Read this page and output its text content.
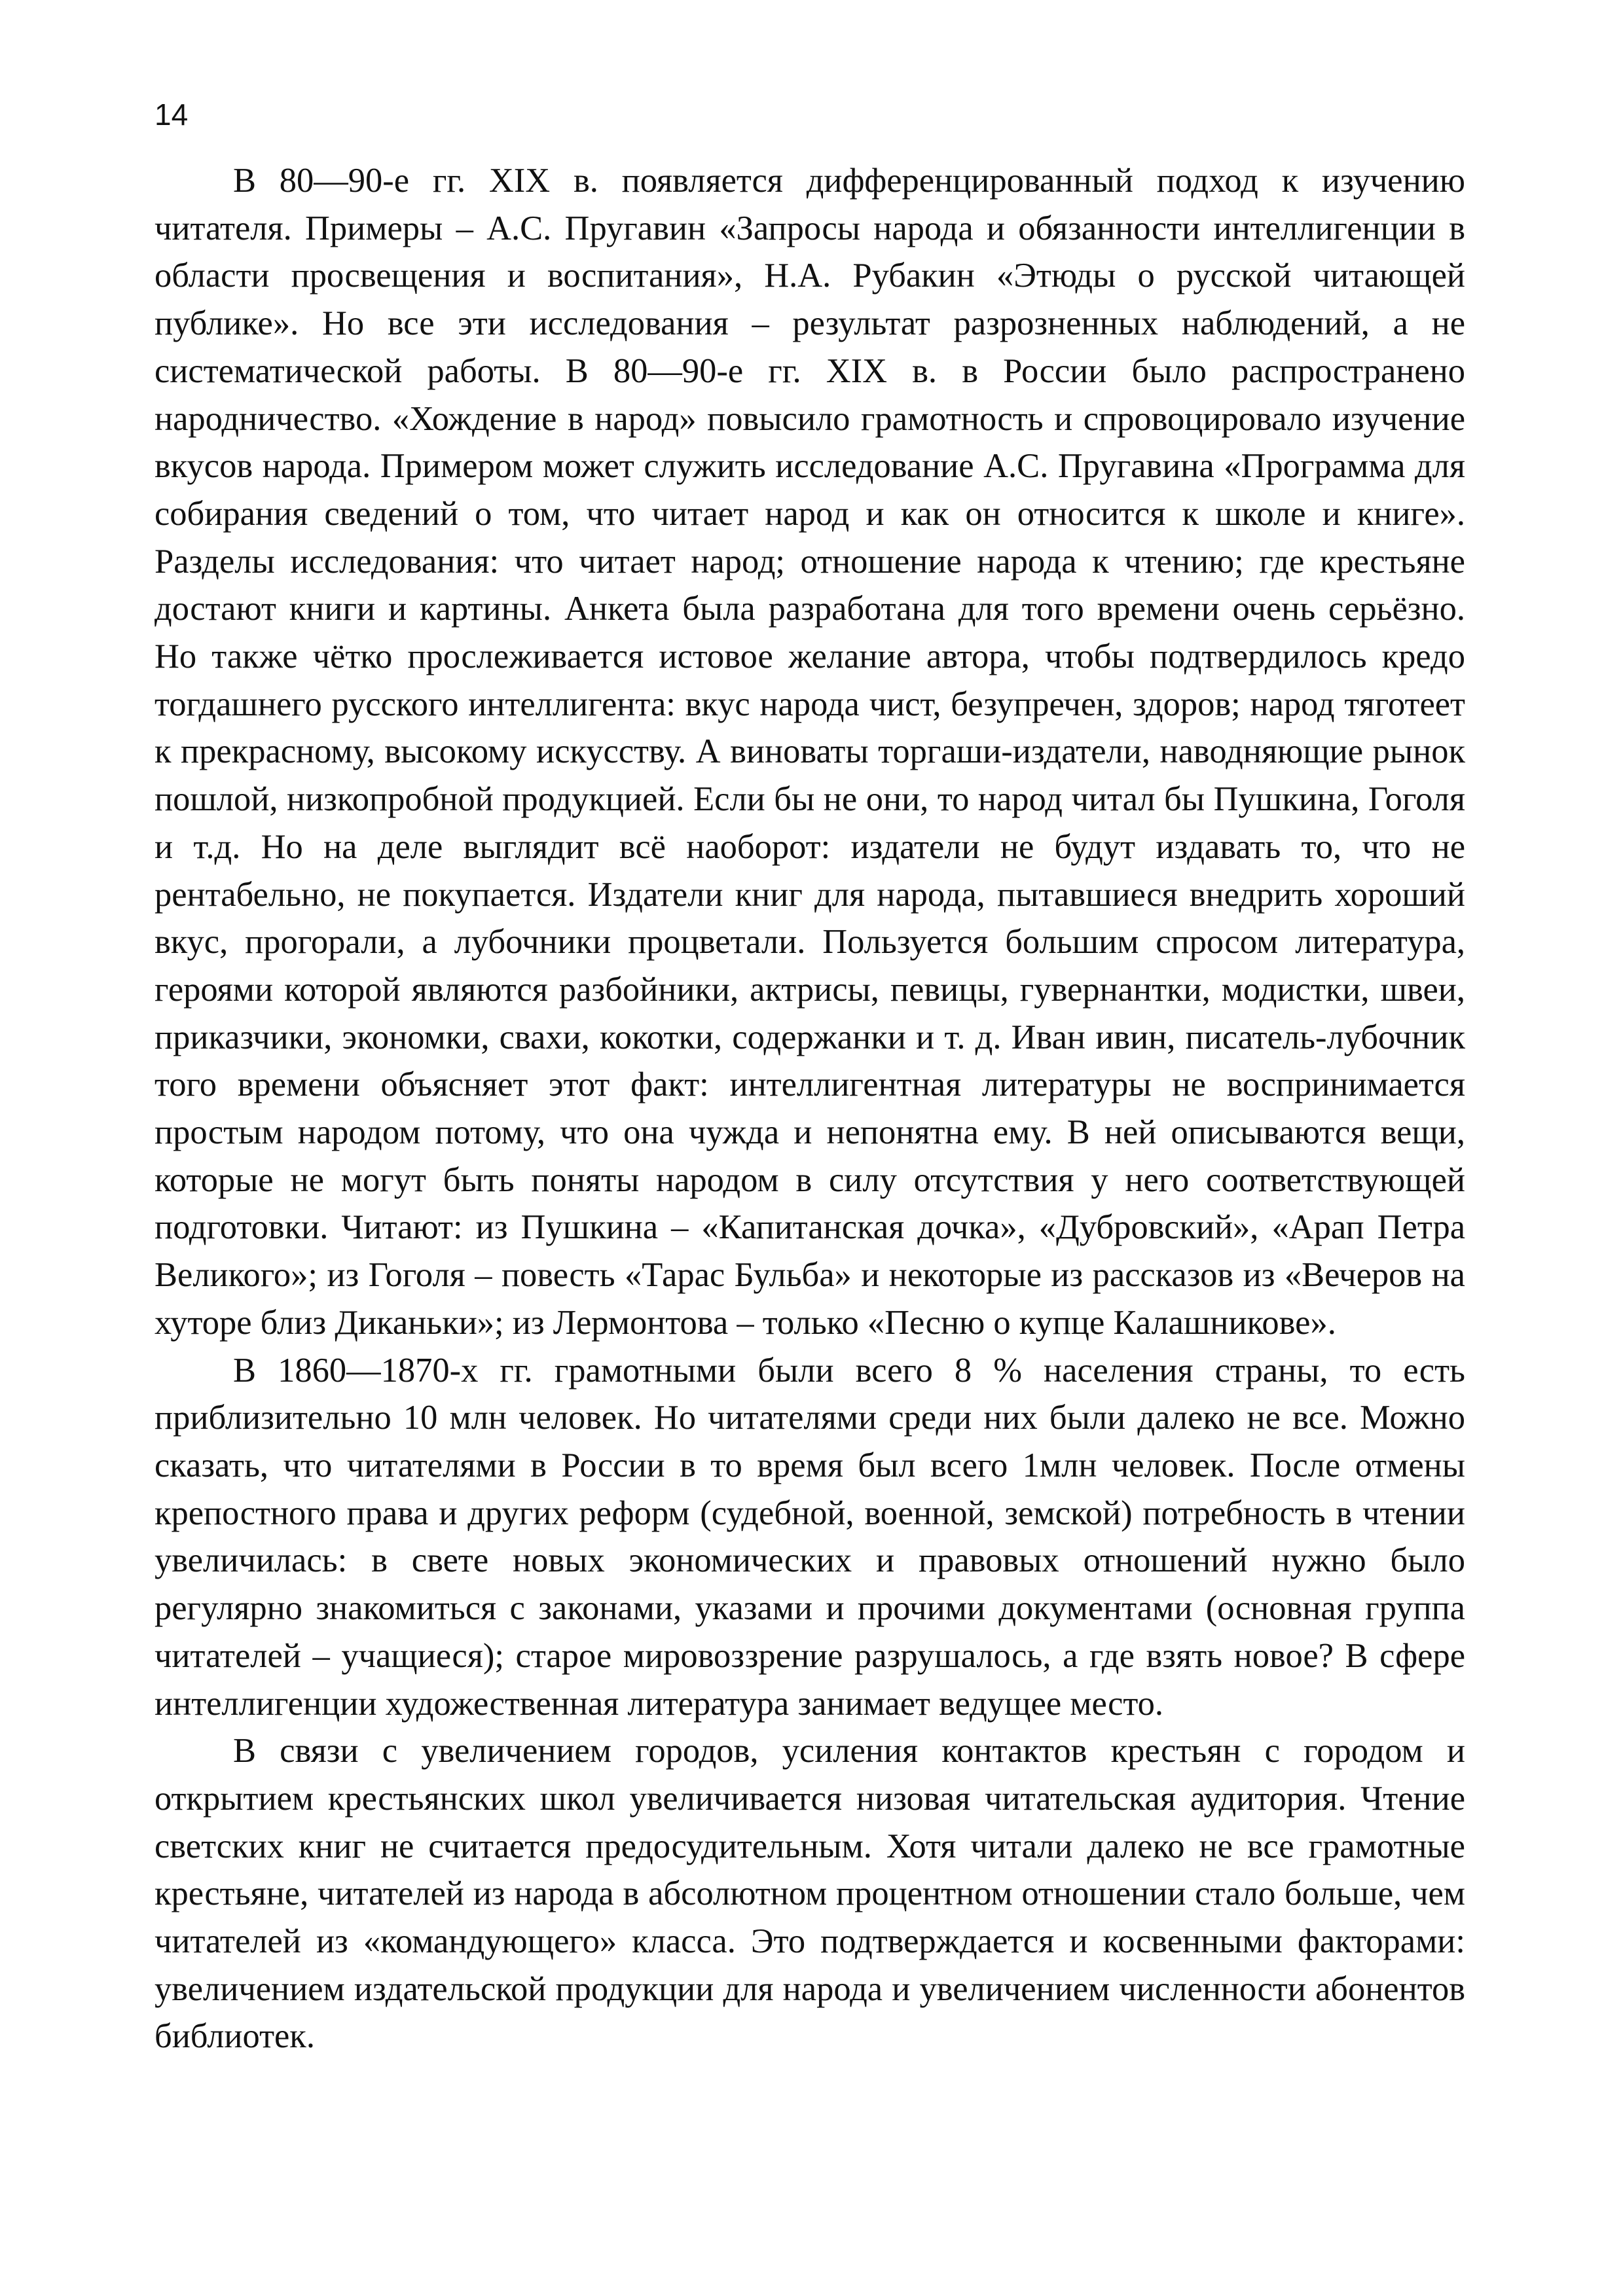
14

В 80—90-е гг. XIX в. появляется дифференцированный подход к изучению читателя. Примеры – А.С. Пругавин «Запросы народа и обязанности интеллигенции в области просвещения и воспитания», Н.А. Рубакин «Этюды о русской читающей публике». Но все эти исследования – результат разрозненных наблюдений, а не систематической работы. В 80—90-е гг. XIX в. в России было распространено народничество. «Хождение в народ» повысило грамотность и спровоцировало изучение вкусов народа. Примером может служить исследование А.С. Пругавина «Программа для собирания сведений о том, что читает народ и как он относится к школе и книге». Разделы исследования: что читает народ; отношение народа к чтению; где крестьяне достают книги и картины. Анкета была разработана для того времени очень серьёзно. Но также чётко прослеживается истовое желание автора, чтобы подтвердилось кредо тогдашнего русского интеллигента: вкус народа чист, безупречен, здоров; народ тяготеет к прекрасному, высокому искусству. А виноваты торгаши-издатели, наводняющие рынок пошлой, низкопробной продукцией. Если бы не они, то народ читал бы Пушкина, Гоголя и т.д. Но на деле выглядит всё наоборот: издатели не будут издавать то, что не рентабельно, не покупается. Издатели книг для народа, пытавшиеся внедрить хороший вкус, прогорали, а лубочники процветали. Пользуется большим спросом литература, героями которой являются разбойники, актрисы, певицы, гувернантки, модистки, швеи, приказчики, экономки, свахи, кокотки, содержанки и т. д. Иван ивин, писатель-лубочник того времени объясняет этот факт: интеллигентная литературы не воспринимается простым народом потому, что она чужда и непонятна ему. В ней описываются вещи, которые не могут быть поняты народом в силу отсутствия у него соответствующей подготовки. Читают: из Пушкина – «Капитанская дочка», «Дубровский», «Арап Петра Великого»; из Гоголя – повесть «Тарас Бульба» и некоторые из рассказов из «Вечеров на хуторе близ Диканьки»; из Лермонтова – только «Песню о купце Калашникове».

В 1860—1870-х гг. грамотными были всего 8 % населения страны, то есть приблизительно 10 млн человек. Но читателями среди них были далеко не все. Можно сказать, что читателями в России в то время был всего 1млн человек. После отмены крепостного права и других реформ (судебной, военной, земской) потребность в чтении увеличилась: в свете новых экономических и правовых отношений нужно было регулярно знакомиться с законами, указами и прочими документами (основная группа читателей – учащиеся); старое мировоззрение разрушалось, а где взять новое? В сфере интеллигенции художественная литература занимает ведущее место.

В связи с увеличением городов, усиления контактов крестьян с городом и открытием крестьянских школ увеличивается низовая читательская аудитория. Чтение светских книг не считается предосудительным. Хотя читали далеко не все грамотные крестьяне, читателей из народа в абсолютном процентном отношении стало больше, чем читателей из «командующего» класса. Это подтверждается и косвенными факторами: увеличением издательской продукции для народа и увеличением численности абонентов библиотек.
